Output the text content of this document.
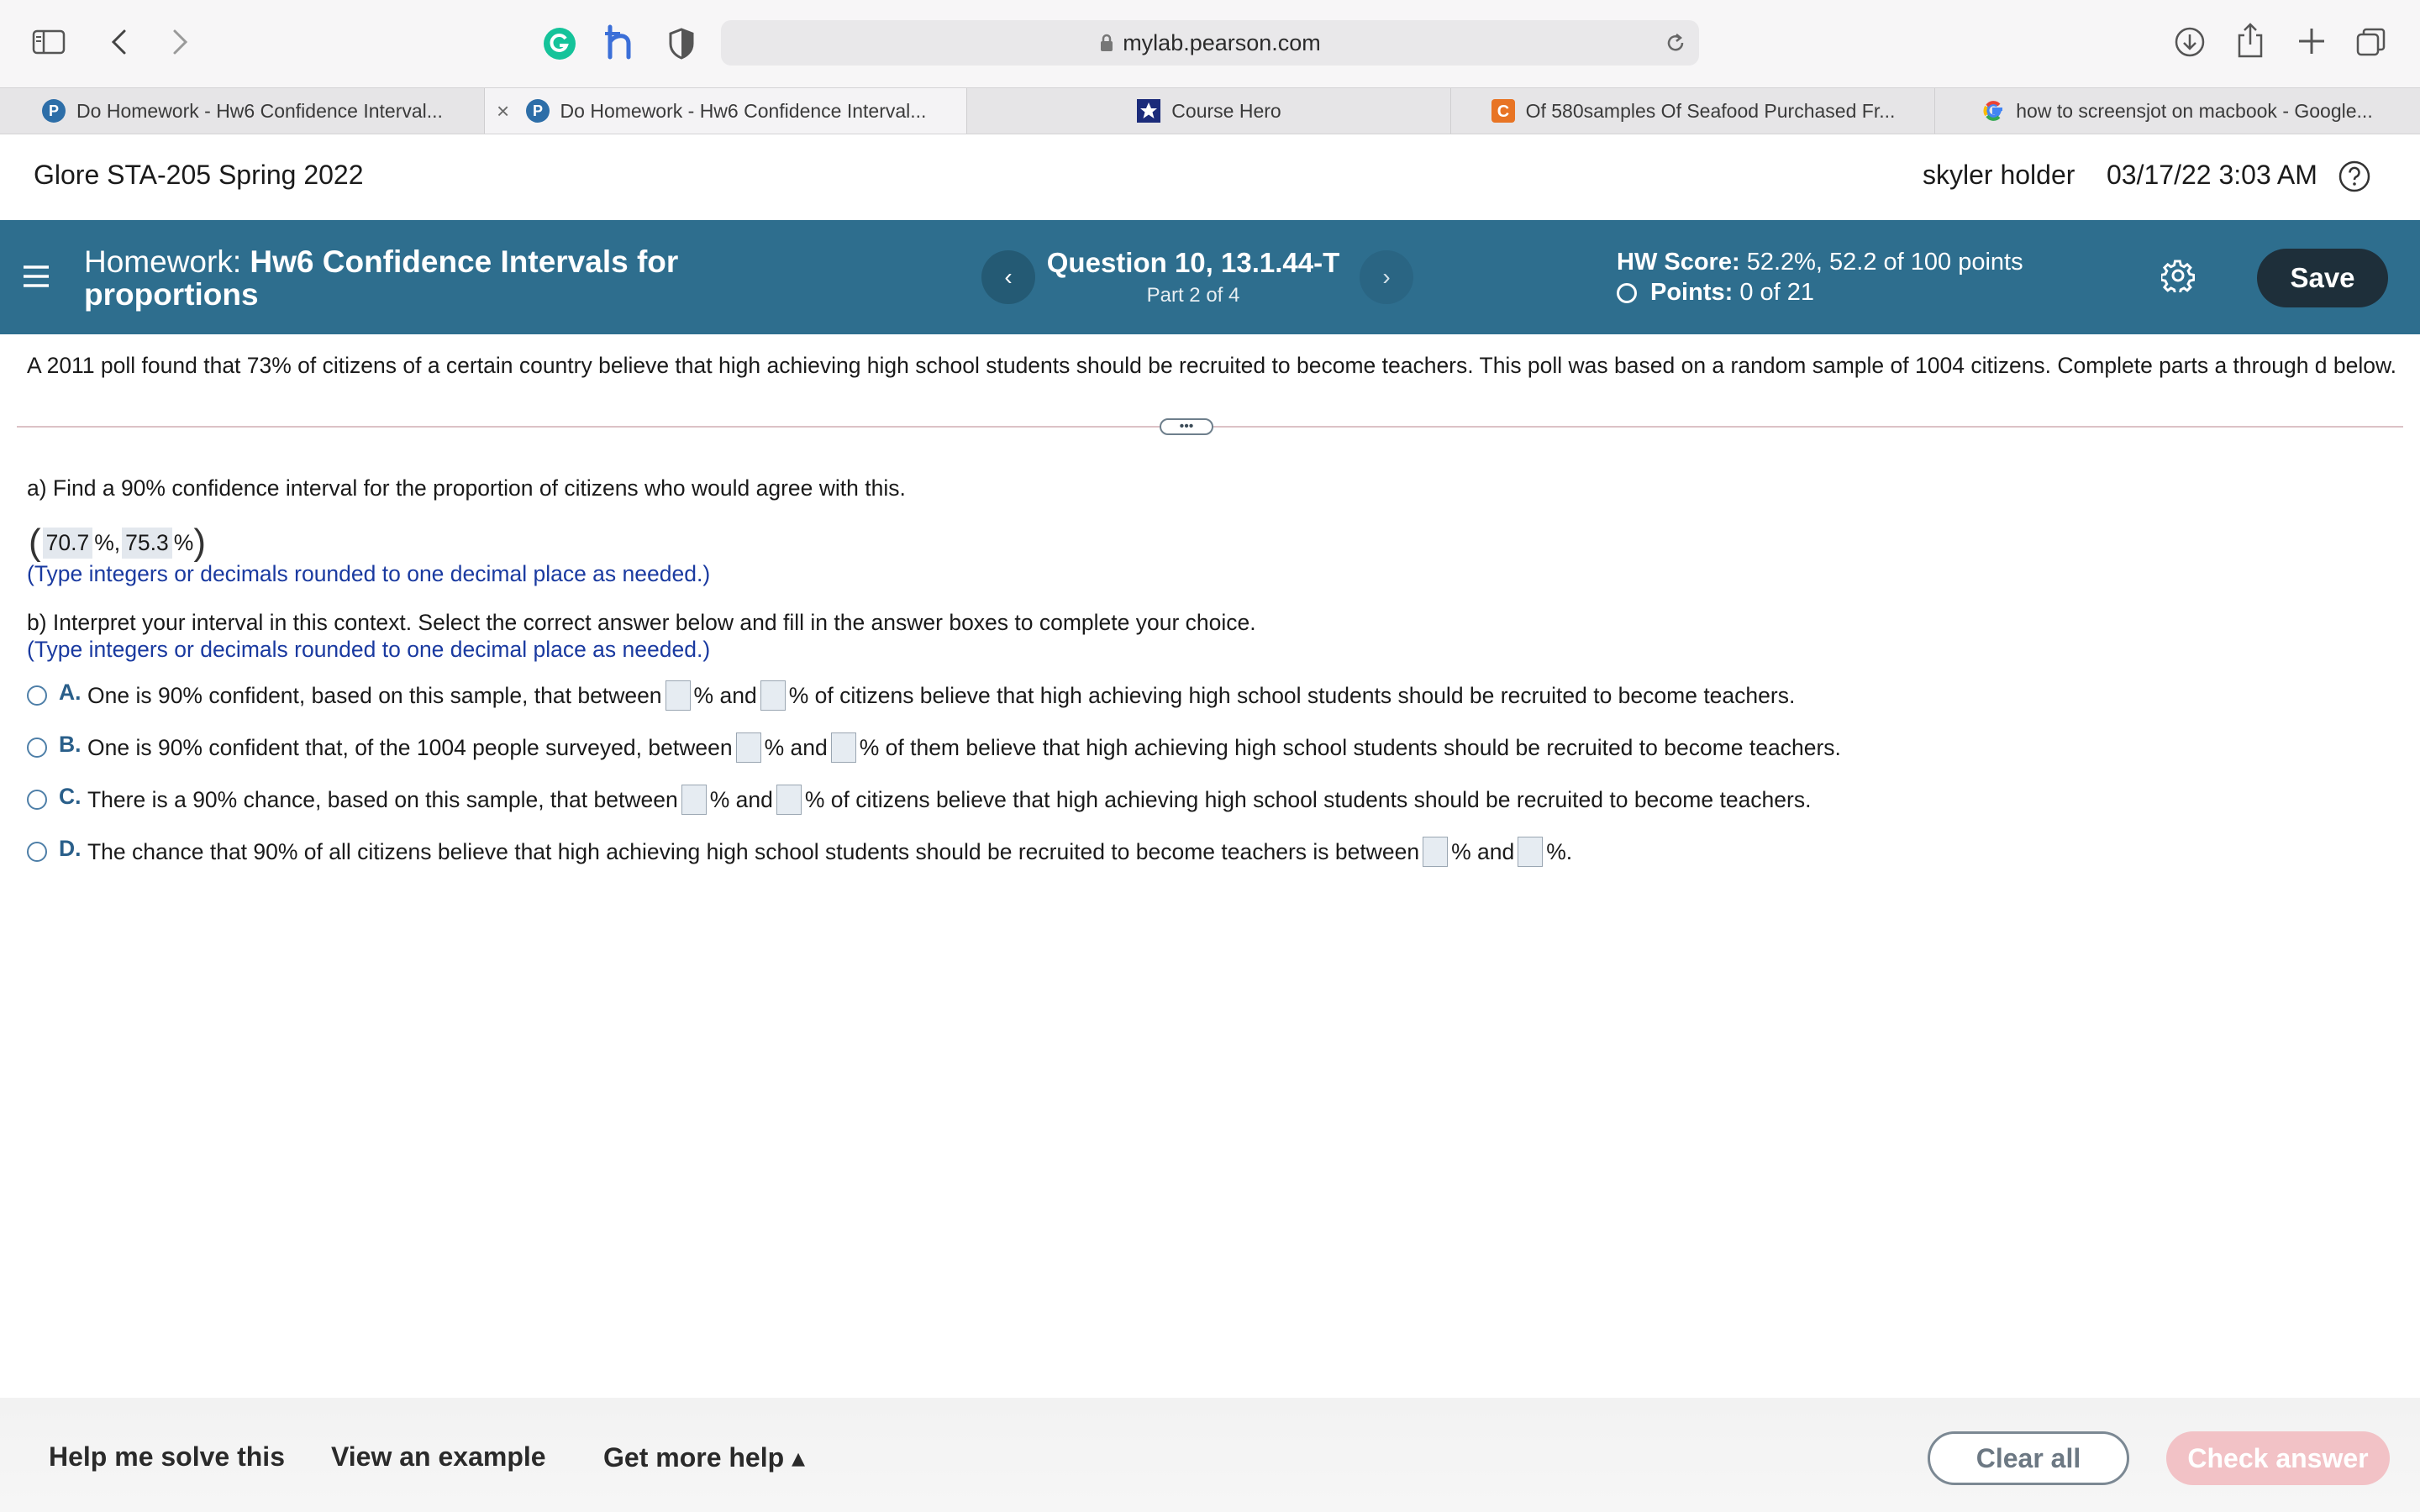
mylab.pearson.com
P Do Homework - Hw6 Confidence Interval... × P Do Homework - Hw6 Confidence Interval...	Course Hero	C Of 580samples Of Seafood Purchased Fr...	how to screensjot on macbook - Google...
Glore STA-205 Spring 2022	skyler holder 03/17/22 3:03 AM
Homework: Hw6 Confidence Intervals for
proportions
‹	Question 10, 13.1.44-T
Part 2 of 4
›
HW Score: 52.2%, 52.2 of 100 points
Points:
0 of 21	Save
A 2011 poll found that 73% of citizens of a certain country believe that high achieving high school students should be recruited to become teachers. This poll was based on a random sample of 1004 citizens. Complete parts a through d below.
•••
a) Find a 90% confidence interval for the proportion of citizens who would agree with this.
( 70.7 %, 75.3 % )
(Type integers or decimals rounded to one decimal place as needed.)
b) Interpret your interval in this context. Select the correct answer below and fill in the answer boxes to complete your choice.
(Type integers or decimals rounded to one decimal place as needed.)
A. One is 90% confident, based on this sample, that between % and % of citizens believe that high achieving high school students should be recruited to become teachers.
B. One is 90% confident that, of the 1004 people surveyed, between % and % of them believe that high achieving high school students should be recruited to become teachers.
C. There is a 90% chance, based on this sample, that between % and % of citizens believe that high achieving high school students should be recruited to become teachers.
D. The chance that 90% of all citizens believe that high achieving high school students should be recruited to become teachers is between % and %.
Help me solve this View an example Get more help ▴	Clear all	Check answer
